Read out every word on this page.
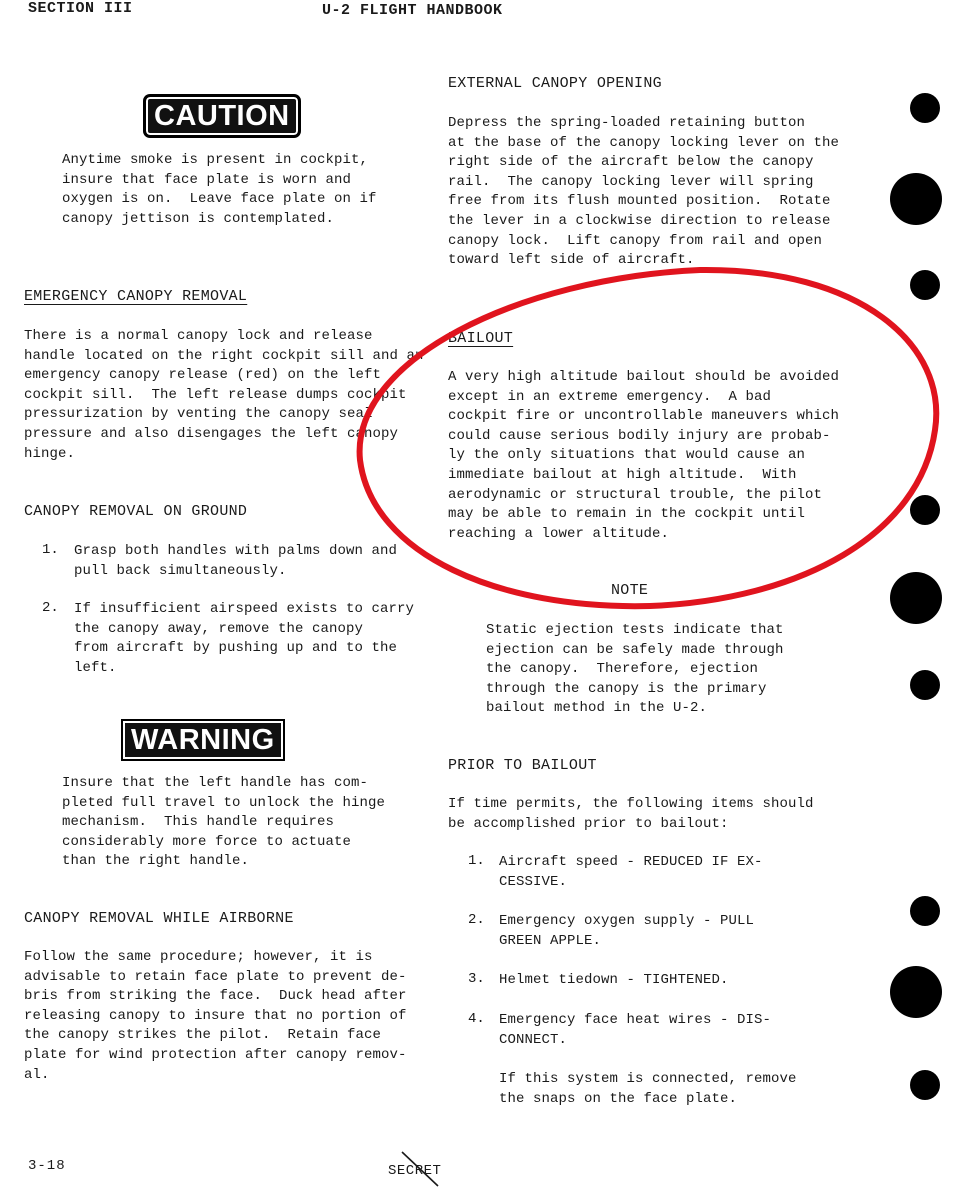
SECTION III	U-2 FLIGHT HANDBOOK
CAUTION
Anytime smoke is present in cockpit,
insure that face plate is worn and
oxygen is on.  Leave face plate on if
canopy jettison is contemplated.
EMERGENCY CANOPY REMOVAL
There is a normal canopy lock and release
handle located on the right cockpit sill and an
emergency canopy release (red) on the left
cockpit sill.  The left release dumps cockpit
pressurization by venting the canopy seal
pressure and also disengages the left canopy
hinge.
CANOPY REMOVAL ON GROUND
1. Grasp both handles with palms down and
pull back simultaneously.
2. If insufficient airspeed exists to carry
the canopy away, remove the canopy
from aircraft by pushing up and to the
left.
WARNING
Insure that the left handle has com-
pleted full travel to unlock the hinge
mechanism.  This handle requires
considerably more force to actuate
than the right handle.
CANOPY REMOVAL WHILE AIRBORNE
Follow the same procedure; however, it is
advisable to retain face plate to prevent de-
bris from striking the face.  Duck head after
releasing canopy to insure that no portion of
the canopy strikes the pilot.  Retain face
plate for wind protection after canopy remov-
al.
EXTERNAL CANOPY OPENING
Depress the spring-loaded retaining button
at the base of the canopy locking lever on the
right side of the aircraft below the canopy
rail.  The canopy locking lever will spring
free from its flush mounted position.  Rotate
the lever in a clockwise direction to release
canopy lock.  Lift canopy from rail and open
toward left side of aircraft.
BAILOUT
A very high altitude bailout should be avoided
except in an extreme emergency.  A bad
cockpit fire or uncontrollable maneuvers which
could cause serious bodily injury are probab-
ly the only situations that would cause an
immediate bailout at high altitude.  With
aerodynamic or structural trouble, the pilot
may be able to remain in the cockpit until
reaching a lower altitude.
NOTE
Static ejection tests indicate that
ejection can be safely made through
the canopy.  Therefore, ejection
through the canopy is the primary
bailout method in the U-2.
PRIOR TO BAILOUT
If time permits, the following items should
be accomplished prior to bailout:
1. Aircraft speed - REDUCED IF EX-
CESSIVE.
2. Emergency oxygen supply - PULL
GREEN APPLE.
3. Helmet tiedown - TIGHTENED.
4. Emergency face heat wires - DIS-
CONNECT.
If this system is connected, remove
the snaps on the face plate.
3-18	SECRET
